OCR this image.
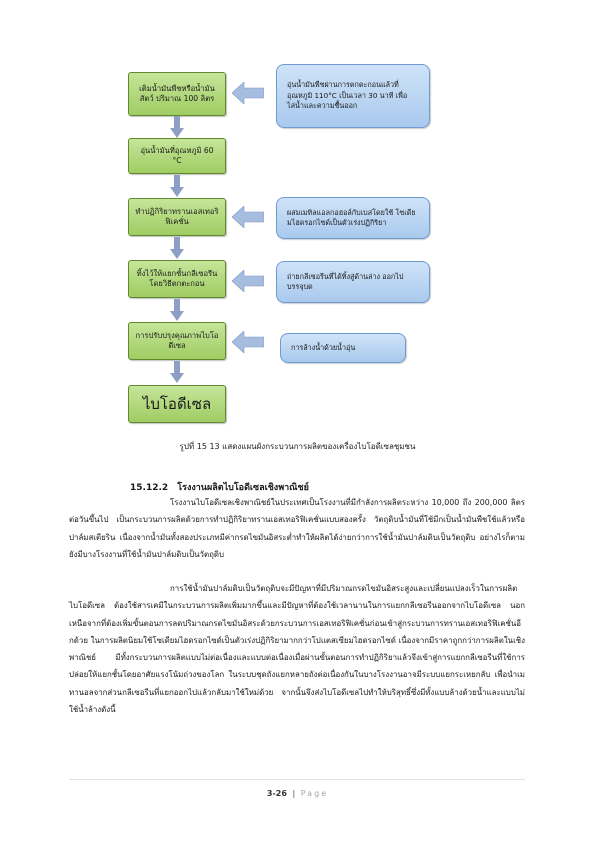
เติมน้ำมันพืชหรือน้ำมันสัตว์ ปริมาณ 100 ลิตร
อุ่นน้ำมันที่อุณหภูมิ 60 °C
ทำปฏิกิริยาทรานเอสเทอริฟิเคชั่น
ทิ้งไว้ให้แยกชั้นกลีเซอรีนโดยวิธีตกตะกอน
การปรับปรุงคุณภาพไบโอดีเซล
ไบโอดีเซล
อุ่นน้ำมันพืชผ่านการตกตะกอนแล้วที่ อุณหภูมิ 110°C เป็นเวลา 30 นาที เพื่อ ไล่น้ำและความชื้นออก
ผสมเมทิลแอลกอฮอล์กับเบสโดยใช้ โซเดียมไฮดรอกไซด์เป็นตัวเร่งปฏิกิริยา
ถ่ายกลีเซอรีนที่ได้ทิ้งสู่ด้านล่าง ออกไปบรรจุบด
การล้างน้ำด้วยน้ำอุ่น
รูปที่ 15 13 แสดงแผนผังกระบวนการผลิตของเครื่องไบโอดีเซลชุมชน
15.12.2 โรงงานผลิตไบโอดีเซลเชิงพาณิชย์
โรงงานไบโอดีเซลเชิงพาณิชย์ในประเทศเป็นโรงงานที่มีกำลังการผลิตระหว่าง 10,000 ถึง 200,000 ลิตรต่อวันขึ้นไป เป็นกระบวนการผลิตด้วยการทำปฏิกิริยาทรานเอสเทอริฟิเคชั่นแบบสองครั้ง วัตถุดิบน้ำมันที่ใช้มีกเป็นน้ำมันพืชใช้แล้วหรือปาล์มสเตียริน เนื่องจากน้ำมันทั้งสองประเภทมีค่ากรดไขมันอิสระต่ำทำให้ผลิตได้ง่ายกว่าการใช้น้ำมันปาล์มดิบเป็นวัตถุดิบ อย่างไรก็ตามยังมีบางโรงงานที่ใช้น้ำมันปาล์มดิบเป็นวัตถุดิบ
การใช้น้ำมันปาล์มดิบเป็นวัตถุดิบจะมีปัญหาที่มีปริมาณกรดไขมันอิสระสูงและเปลี่ยนแปลงเร็วในการผลิตไบโอดีเซล ต้องใช้สารเคมีในกระบวนการผลิตเพิ่มมากขึ้นและมีปัญหาที่ต้องใช้เวลานานในการแยกกลีเซอรีนออกจากไบโอดีเซล นอกเหนือจากที่ต้องเพิ่มขั้นตอนการลดปริมาณกรดไขมันอิสระด้วยกระบวนการเอสเทอริฟิเคชั่นก่อนเข้าสู่กระบวนการทรานเอสเทอริฟิเคชั่นอีกด้วย ในการผลิตนิยมใช้โซเดียมไฮดรอกไซด์เป็นตัวเร่งปฏิกิริยามากกว่าโปแตสเซียมไฮดรอกไซด์ เนื่องจากมีราคาถูกกว่าการผลิตในเชิงพาณิชย์ มีทั้งกระบวนการผลิตแบบไม่ต่อเนื่องและแบบต่อเนื่องเมื่อผ่านขั้นตอนการทำปฏิกิริยาแล้วจึงเข้าสู่การแยกกลีเซอรีนที่ใช้การปล่อยให้แยกชั้นโดยอาศัยแรงโน้มถ่วงของโลก ในระบบชุดถังแยกหลายถังต่อเนื่องกันในบางโรงงานอาจมีระบบแยกระเหยกลับ เพื่อนำเมทานอลจากส่วนกลีเซอรีนที่แยกออกไปแล้วกลับมาใช้ใหม่ด้วย จากนั้นจึงส่งไบโอดีเซลไปทำให้บริสุทธิ์ซึ่งมีทั้งแบบล้างด้วยน้ำและแบบไม่ใช้น้ำล้างดังนี้
3-26 | Page
